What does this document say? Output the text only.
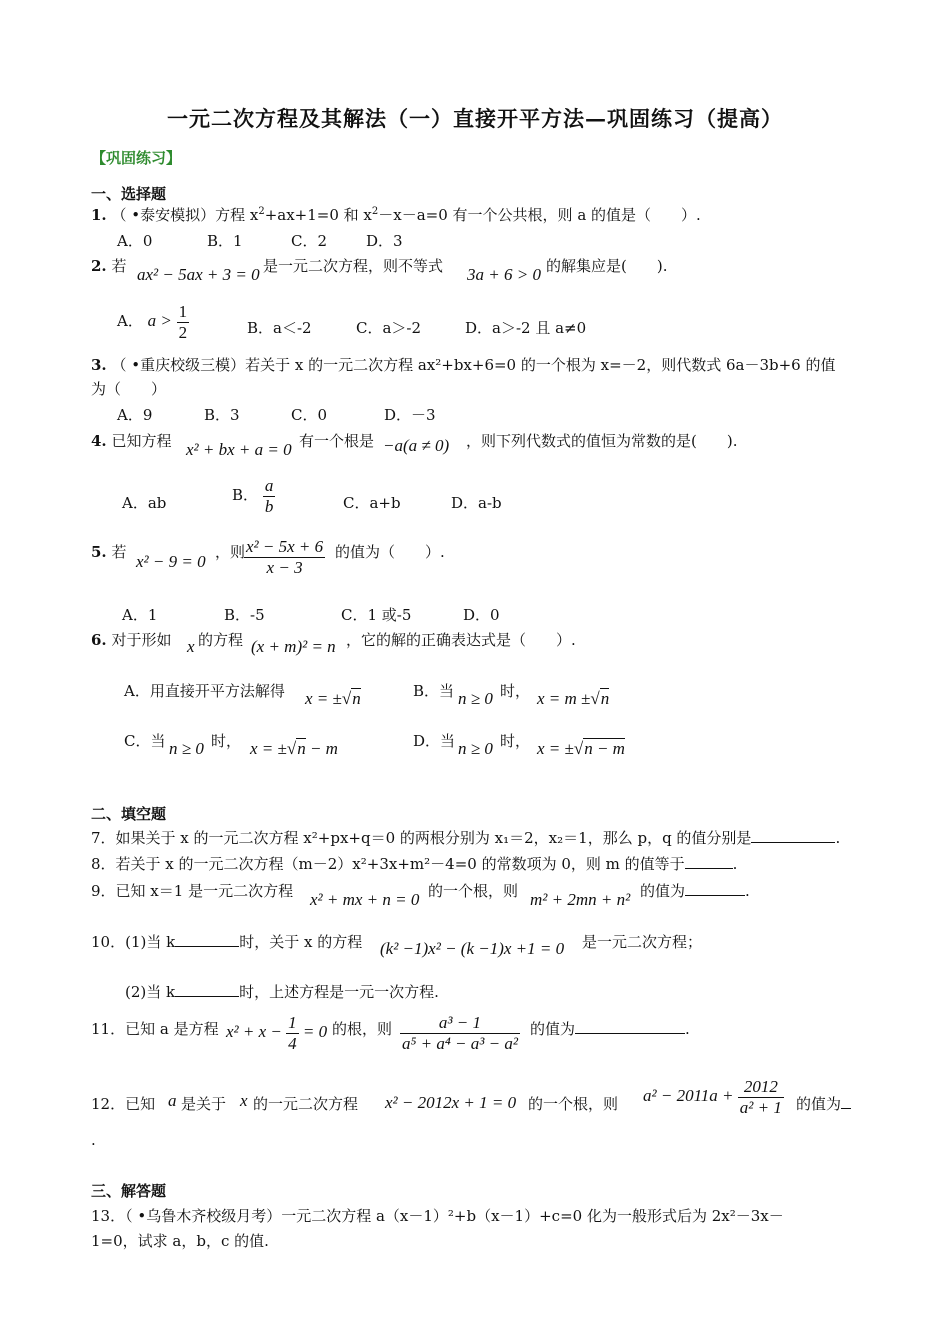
一元二次方程及其解法（一）直接开平方法—巩固练习（提高）
【巩固练习】
一、选择题
1. （ •泰安模拟）方程 $x^2+ax+1=0$ 和 $x^2-x-a=0$ 有一个公共根，则 a 的值是（　　）.
A．0	B．1	C．2	D．3
2. 若 ax² − 5ax + 3 = 0 是一元二次方程，则不等式 3a + 6 > 0 的解集应是(　　).
A． $a > \frac{1}{2}$	B．a＜-2	C．a＞-2	D．a＞-2 且 a≠0
3. （ •重庆校级三模）若关于 x 的一元二次方程 ax²+bx+6=0 的一个根为 x=－2，则代数式 6a－3b+6 的值
为（　　）
A．9	B．3	C．0	D．－3
4. 已知方程 x² + bx + a = 0 有一个根是 −a(a ≠ 0) ，则下列代数式的值恒为常数的是(　　).
A．ab	B． $\frac{a}{b}$	C．a+b	D．a-b
5. 若 x² − 9 = 0 ，则
$\frac{\text{x² − 5x + 6}}{x - 3}$ 的值为（　　）.
A．1	B．-5	C．1 或-5	D．0
6. 对于形如 x 的方程 (x + m)² = n ，它的解的正确表达式是（　　）.
A．用直接开平方法解得 x = ±√n	B．当 n ≥ 0 时， x = m ±√n
C．当 n ≥ 0 时， x = ±√n − m	D．当 n ≥ 0 时， x = ±√n − m
二、填空题
7．如果关于 x 的一元二次方程 x²+px+q＝0 的两根分别为 x₁＝2，x₂＝1，那么 p，q 的值分别是	.
8．若关于 x 的一元二次方程（m－2）x²+3x+m²－4=0 的常数项为 0，则 m 的值等于	.
9．已知 x＝1 是一元二次方程 x² + mx + n = 0 的一个根，则 m² + 2mn + n² 的值为	.
10．(1)当 k	时，关于 x 的方程 (k² −1)x² − (k −1)x +1 = 0 是一元二次方程；
(2)当 k	时，上述方程是一元一次方程.
11．已知 a 是方程 $x^2 + x - \frac{1}{4} = 0$ 的根，则 $\frac{\text{a³ − 1}}{\text{a⁵ + a⁴ − a³ − a²}}$ 的值为	.
12．已知 a 是关于 x 的一元二次方程 x² − 2012x + 1 = 0 的一个根，则 $a^2 - 2011a + \frac{2012}{\text{a² + 1}}$ 的值为
.
三、解答题
13．（ •乌鲁木齐校级月考）一元二次方程 a（x－1）²+b（x－1）+c=0 化为一般形式后为 2x²－3x－
1=0，试求 a，b，c 的值.
